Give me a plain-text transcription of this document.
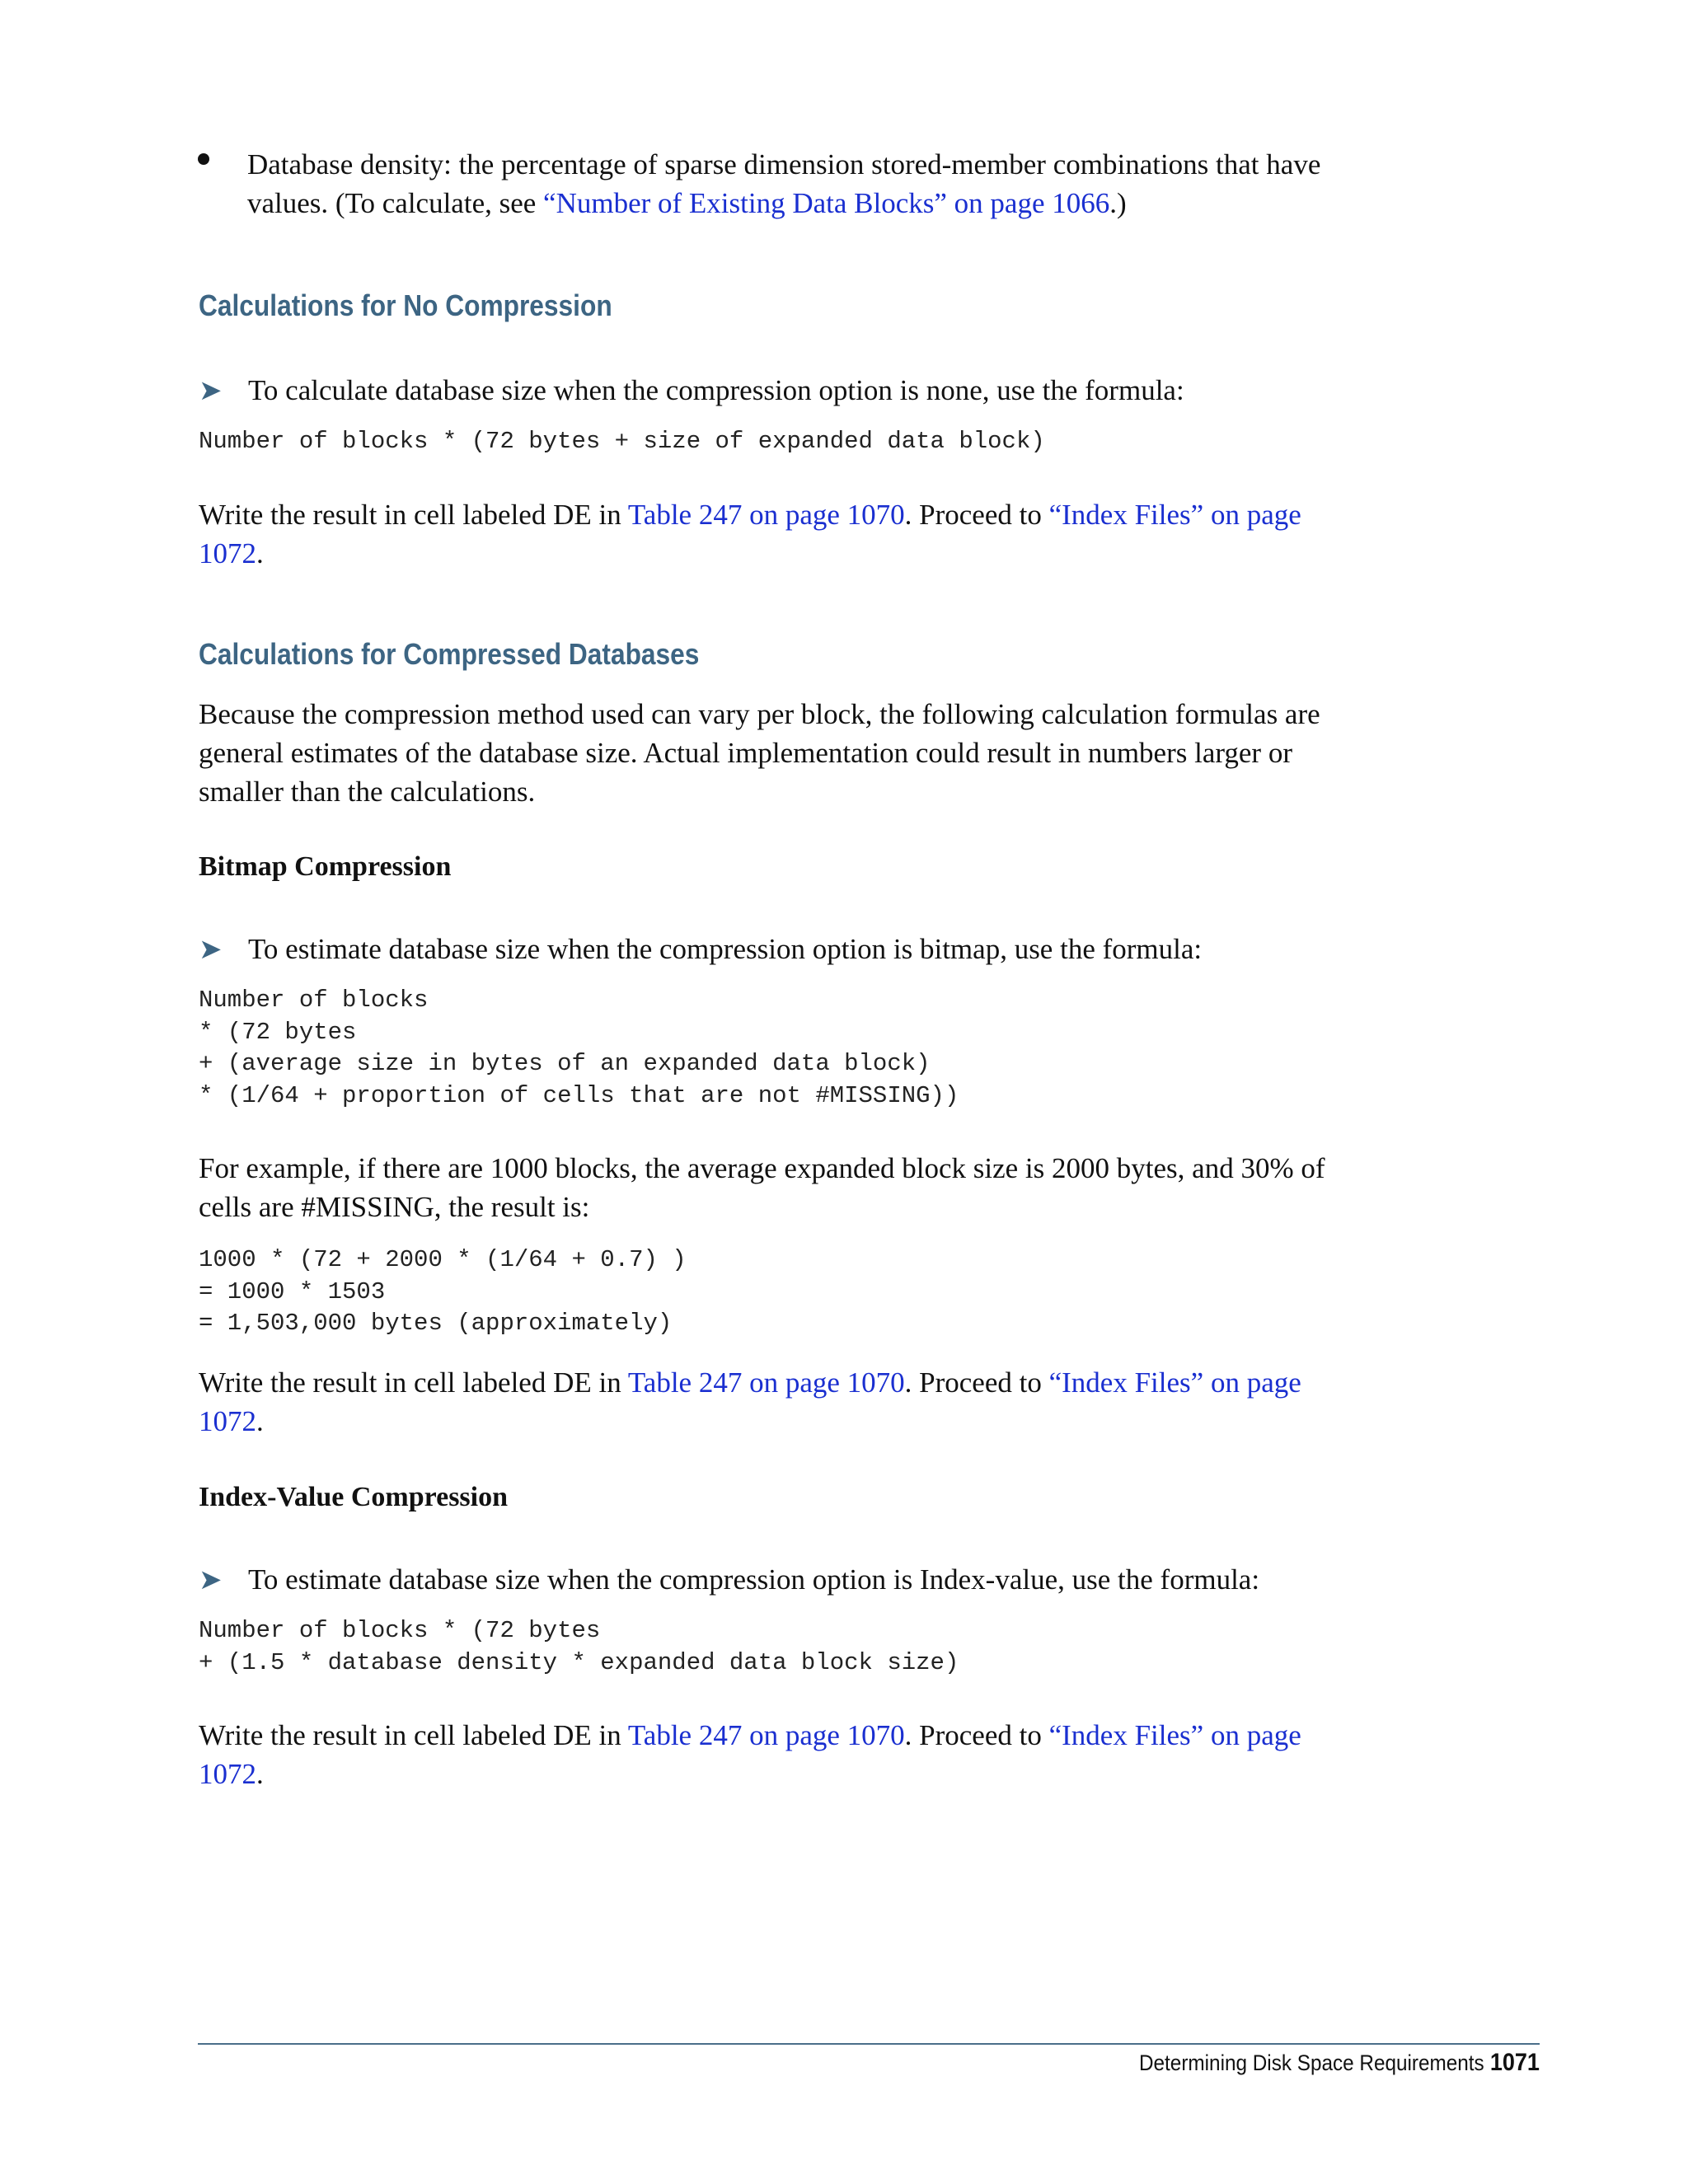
Database density: the percentage of sparse dimension stored-member combinations that have values. (To calculate, see “Number of Existing Data Blocks” on page 1066.)
Calculations for No Compression
➤ To calculate database size when the compression option is none, use the formula:
Number of blocks * (72 bytes + size of expanded data block)
Write the result in cell labeled DE in Table 247 on page 1070. Proceed to “Index Files” on page 1072.
Calculations for Compressed Databases
Because the compression method used can vary per block, the following calculation formulas are general estimates of the database size. Actual implementation could result in numbers larger or smaller than the calculations.
Bitmap Compression
➤ To estimate database size when the compression option is bitmap, use the formula:
Number of blocks
* (72 bytes
+ (average size in bytes of an expanded data block)
* (1/64 + proportion of cells that are not #MISSING))
For example, if there are 1000 blocks, the average expanded block size is 2000 bytes, and 30% of cells are #MISSING, the result is:
1000 * (72 + 2000 * (1/64 + 0.7) )
= 1000 * 1503
= 1,503,000 bytes (approximately)
Write the result in cell labeled DE in Table 247 on page 1070. Proceed to “Index Files” on page 1072.
Index-Value Compression
➤ To estimate database size when the compression option is Index-value, use the formula:
Number of blocks * (72 bytes
+ (1.5 * database density * expanded data block size)
Write the result in cell labeled DE in Table 247 on page 1070. Proceed to “Index Files” on page 1072.
Determining Disk Space Requirements 1071
